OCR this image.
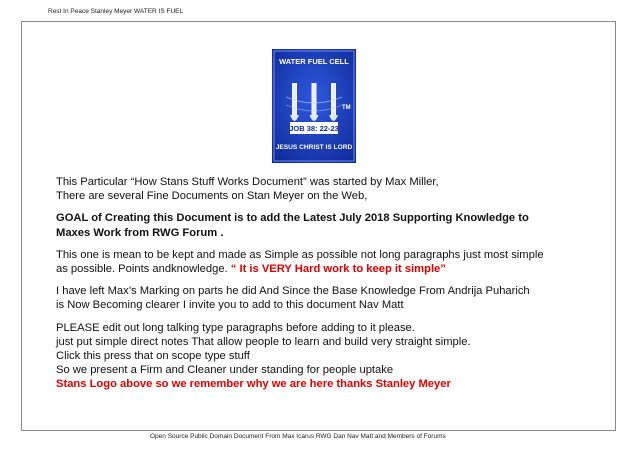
Rest In Peace Stanley Meyer WATER IS FUEL
WATER FUEL CELL
TM
JOB 38: 22-23
JESUS CHRIST IS LORD

This Particular “How Stans Stuff Works Document” was started by Max Miller,
There are several Fine Documents on Stan Meyer on the Web,

GOAL of Creating this Document is to add the Latest July 2018 Supporting Knowledge to
Maxes Work from RWG Forum .

This one is mean to be kept and made as Simple as possible not long paragraphs just most simple
as possible. Points andknowledge. “ It is VERY Hard work to keep it simple”

I have left Max’s Marking on parts he did And Since the Base Knowledge From Andrija Puharich
is Now Becoming clearer I invite you to add to this document Nav Matt

PLEASE edit out long talking type paragraphs before adding to it please.
just put simple direct notes That allow people to learn and build very straight simple.
Click this press that on scope type stuff
So we present a Firm and Cleaner under standing for people uptake
Stans Logo above so we remember why we are here thanks Stanley Meyer

Open Source Public Domain Document From Max Icarus RWG Dan Nav Matt and Members of Forums
